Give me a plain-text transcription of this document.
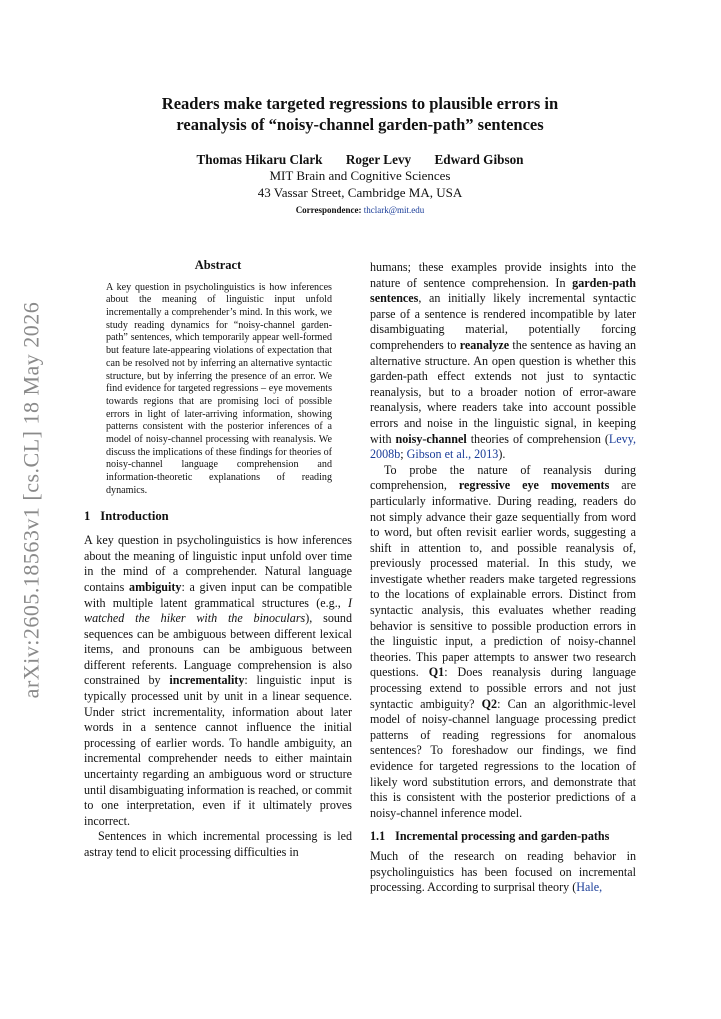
arXiv:2605.18563v1 [cs.CL] 18 May 2026
Readers make targeted regressions to plausible errors in
reanalysis of “noisy-channel garden-path” sentences
Thomas Hikaru Clark Roger Levy Edward Gibson
MIT Brain and Cognitive Sciences
43 Vassar Street, Cambridge MA, USA
Correspondence: thclark@mit.edu
Abstract

A key question in psycholinguistics is how inferences about the meaning of linguistic input unfold incrementally a comprehender’s mind. In this work, we study reading dynamics for “noisy-channel garden-path” sentences, which temporarily appear well-formed but feature late-appearing violations of expectation that can be resolved not by inferring an alternative syntactic structure, but by inferring the presence of an error. We find evidence for targeted regressions – eye movements towards regions that are promising loci of possible errors in light of later-arriving information, showing patterns consistent with the posterior inferences of a model of noisy-channel processing with reanalysis. We discuss the implications of these findings for theories of noisy-channel language comprehension and information-theoretic explanations of reading dynamics.

1 Introduction

A key question in psycholinguistics is how inferences about the meaning of linguistic input unfold over time in the mind of a comprehender. Natural language contains ambiguity: a given input can be compatible with multiple latent grammatical structures (e.g., I watched the hiker with the binoculars), sound sequences can be ambiguous between different lexical items, and pronouns can be ambiguous between different referents. Language comprehension is also constrained by incrementality: linguistic input is typically processed unit by unit in a linear sequence. Under strict incrementality, information about later words in a sentence cannot influence the initial processing of earlier words. To handle ambiguity, an incremental comprehender needs to either maintain uncertainty regarding an ambiguous word or structure until disambiguating information is reached, or commit to one interpretation, even if it ultimately proves incorrect.

Sentences in which incremental processing is led astray tend to elicit processing difficulties in

humans; these examples provide insights into the nature of sentence comprehension. In garden-path sentences, an initially likely incremental syntactic parse of a sentence is rendered incompatible by later disambiguating material, potentially forcing comprehenders to reanalyze the sentence as having an alternative structure. An open question is whether this garden-path effect extends not just to syntactic reanalysis, but to a broader notion of error-aware reanalysis, where readers take into account possible errors and noise in the linguistic signal, in keeping with noisy-channel theories of comprehension (Levy, 2008b; Gibson et al., 2013).

To probe the nature of reanalysis during comprehension, regressive eye movements are particularly informative. During reading, readers do not simply advance their gaze sequentially from word to word, but often revisit earlier words, suggesting a shift in attention to, and possible reanalysis of, previously processed material. In this study, we investigate whether readers make targeted regressions to the locations of explainable errors. Distinct from syntactic analysis, this evaluates whether reading behavior is sensitive to possible production errors in the linguistic input, a prediction of noisy-channel theories. This paper attempts to answer two research questions. Q1: Does reanalysis during language processing extend to possible errors and not just syntactic ambiguity? Q2: Can an algorithmic-level model of noisy-channel language processing predict patterns of reading regressions for anomalous sentences? To foreshadow our findings, we find evidence for targeted regressions to the location of likely word substitution errors, and demonstrate that this is consistent with the posterior predictions of a noisy-channel inference model.

1.1 Incremental processing and garden-paths

Much of the research on reading behavior in psycholinguistics has been focused on incremental processing. According to surprisal theory (Hale,
